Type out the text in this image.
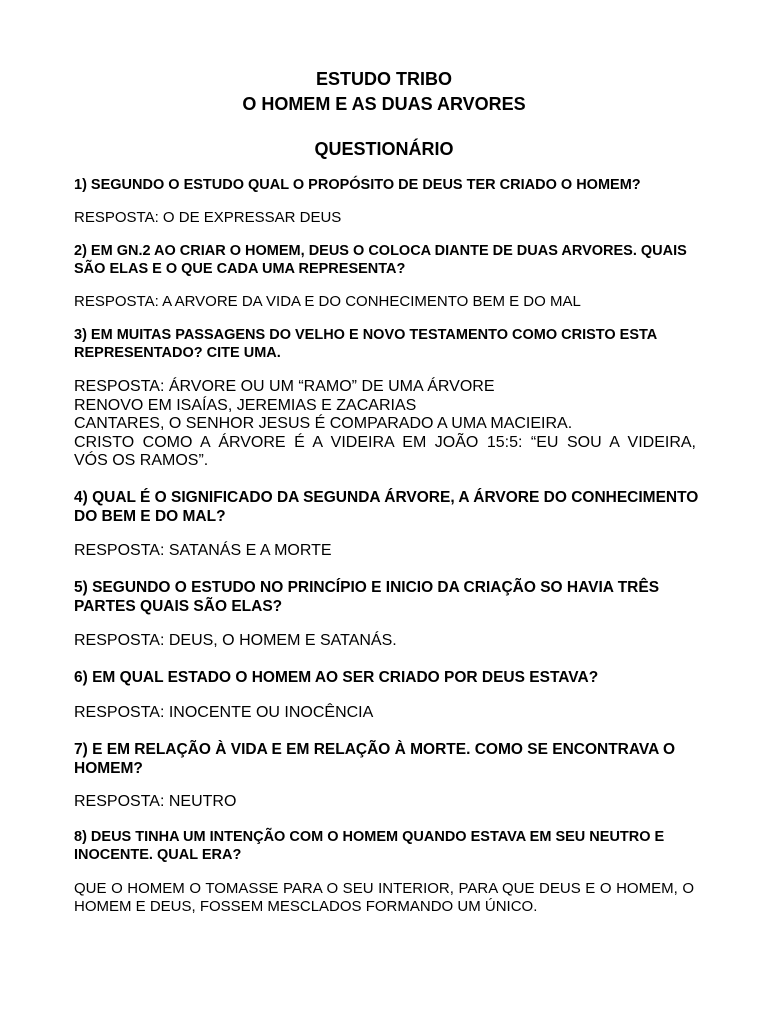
ESTUDO TRIBO
O HOMEM E AS DUAS ARVORES
QUESTIONÁRIO

1) SEGUNDO O ESTUDO QUAL O PROPÓSITO DE DEUS TER CRIADO O HOMEM?

RESPOSTA: O DE EXPRESSAR DEUS

2) EM GN.2 AO CRIAR O HOMEM, DEUS O COLOCA DIANTE DE DUAS ARVORES. QUAIS SÃO ELAS E O QUE CADA UMA REPRESENTA?

RESPOSTA: A ARVORE DA VIDA E DO CONHECIMENTO BEM E DO MAL

3) EM MUITAS PASSAGENS DO VELHO E NOVO TESTAMENTO COMO CRISTO ESTA REPRESENTADO? CITE UMA.

RESPOSTA: ÁRVORE OU UM “RAMO” DE UMA ÁRVORE
RENOVO EM ISAÍAS, JEREMIAS E ZACARIAS
CANTARES, O SENHOR JESUS É COMPARADO A UMA MACIEIRA.
CRISTO COMO A ÁRVORE É A VIDEIRA EM JOÃO 15:5: “EU SOU A VIDEIRA,
VÓS OS RAMOS”.

4) QUAL É O SIGNIFICADO DA SEGUNDA ÁRVORE, A ÁRVORE DO CONHECIMENTO DO BEM E DO MAL?

RESPOSTA: SATANÁS E A MORTE

5) SEGUNDO O ESTUDO NO PRINCÍPIO E INICIO DA CRIAÇÃO SO HAVIA TRÊS PARTES QUAIS SÃO ELAS?

RESPOSTA: DEUS, O HOMEM E SATANÁS.

6) EM QUAL ESTADO O HOMEM AO SER CRIADO POR DEUS ESTAVA?

RESPOSTA: INOCENTE OU INOCÊNCIA

7) E EM RELAÇÃO À VIDA E EM RELAÇÃO À MORTE. COMO SE ENCONTRAVA O HOMEM?

RESPOSTA: NEUTRO

8) DEUS TINHA UM INTENÇÃO COM O HOMEM QUANDO ESTAVA EM SEU NEUTRO E INOCENTE. QUAL ERA?

QUE O HOMEM O TOMASSE PARA O SEU INTERIOR, PARA QUE DEUS E O HOMEM, O HOMEM E DEUS, FOSSEM MESCLADOS FORMANDO UM ÚNICO.
